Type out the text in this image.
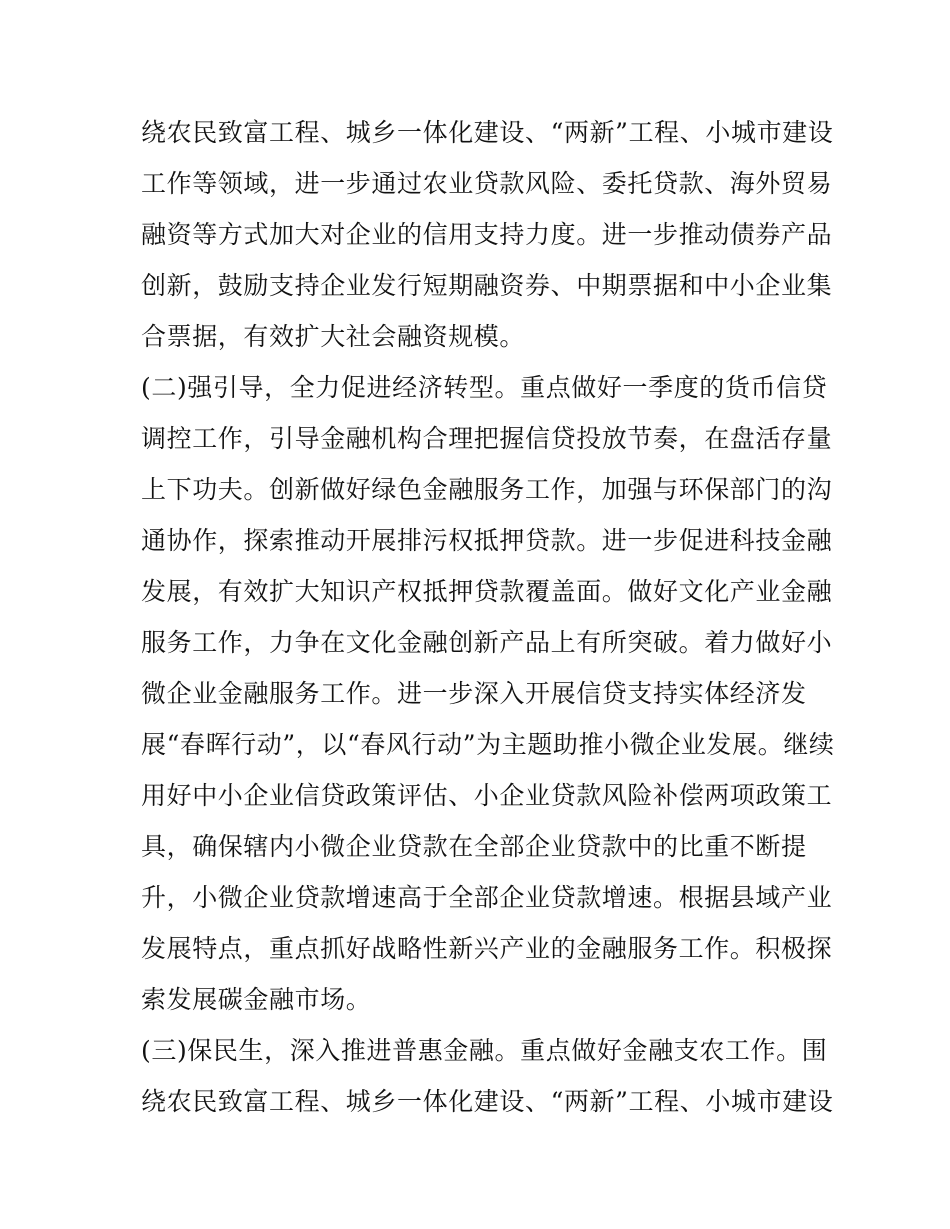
绕农民致富工程、城乡一体化建设、“两新”工程、小城市建设
工作等领域，进一步通过农业贷款风险、委托贷款、海外贸易
融资等方式加大对企业的信用支持力度。进一步推动债券产品
创新，鼓励支持企业发行短期融资券、中期票据和中小企业集
合票据，有效扩大社会融资规模。
(二)强引导，全力促进经济转型。重点做好一季度的货币信贷
调控工作，引导金融机构合理把握信贷投放节奏，在盘活存量
上下功夫。创新做好绿色金融服务工作，加强与环保部门的沟
通协作，探索推动开展排污权抵押贷款。进一步促进科技金融
发展，有效扩大知识产权抵押贷款覆盖面。做好文化产业金融
服务工作，力争在文化金融创新产品上有所突破。着力做好小
微企业金融服务工作。进一步深入开展信贷支持实体经济发
展“春晖行动”，以“春风行动”为主题助推小微企业发展。继续
用好中小企业信贷政策评估、小企业贷款风险补偿两项政策工
具，确保辖内小微企业贷款在全部企业贷款中的比重不断提
升，小微企业贷款增速高于全部企业贷款增速。根据县域产业
发展特点，重点抓好战略性新兴产业的金融服务工作。积极探
索发展碳金融市场。
(三)保民生，深入推进普惠金融。重点做好金融支农工作。围
绕农民致富工程、城乡一体化建设、“两新”工程、小城市建设
